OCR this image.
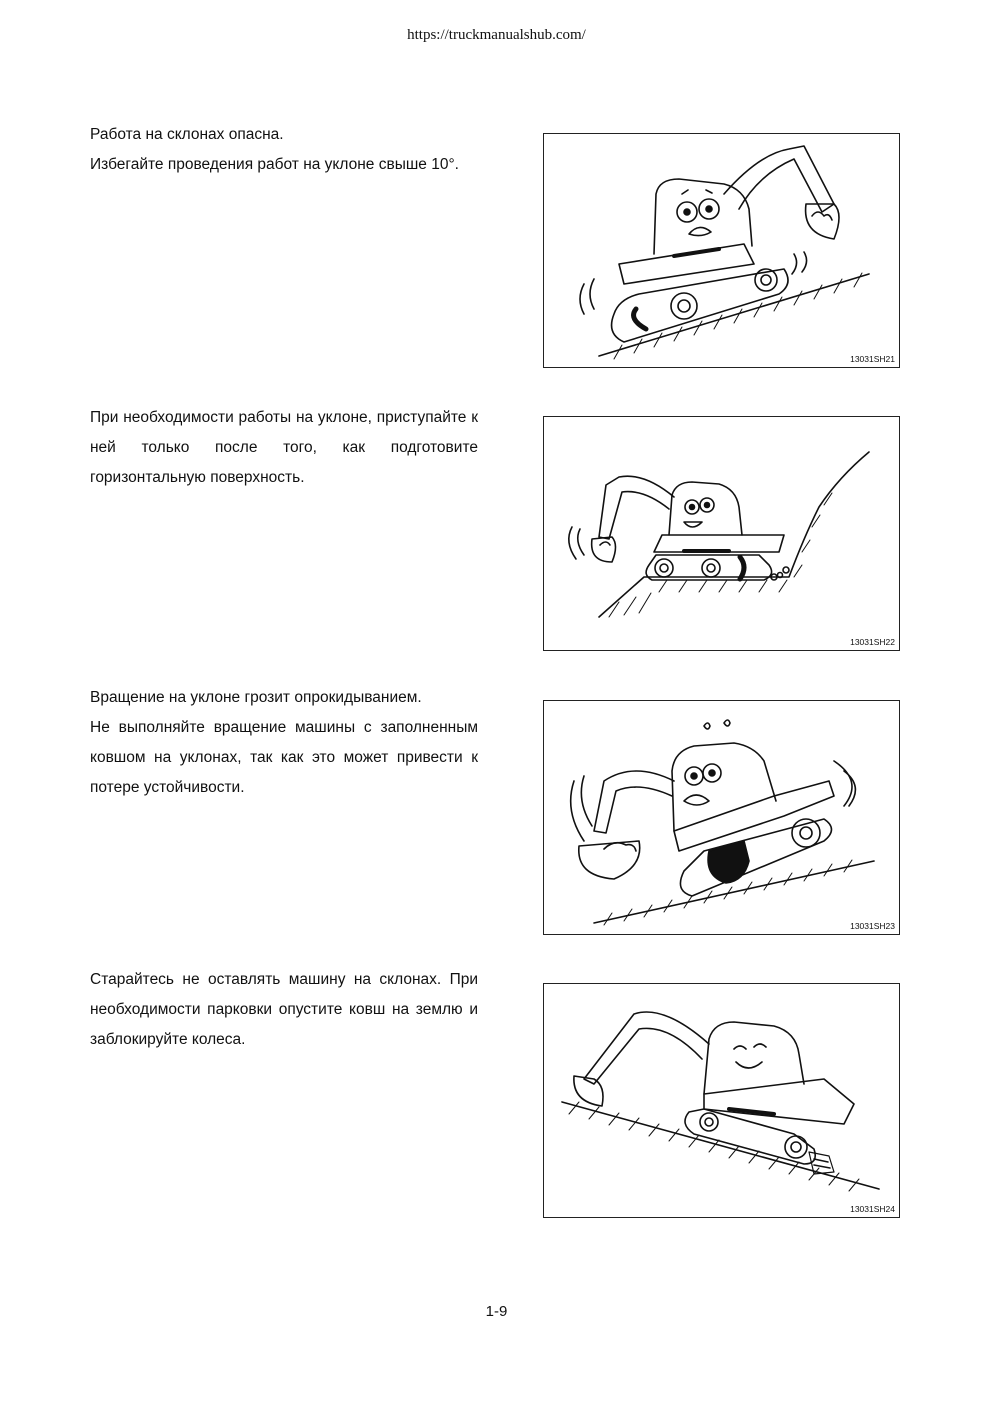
https://truckmanualshub.com/

Работа на склонах опасна.

Избегайте проведения работ на уклоне свыше 10°.

13031SH21

При необходимости работы на уклоне, приступайте к ней только после того, как подготовите горизонтальную поверхность.

13031SH22

Вращение на уклоне грозит опрокидыванием.

Не выполняйте вращение машины с заполненным ковшом на уклонах, так как это может привести к потере устойчивости.

13031SH23

Старайтесь не оставлять машину на склонах. При необходимости парковки опустите ковш на землю и заблокируйте колеса.

13031SH24
1-9
